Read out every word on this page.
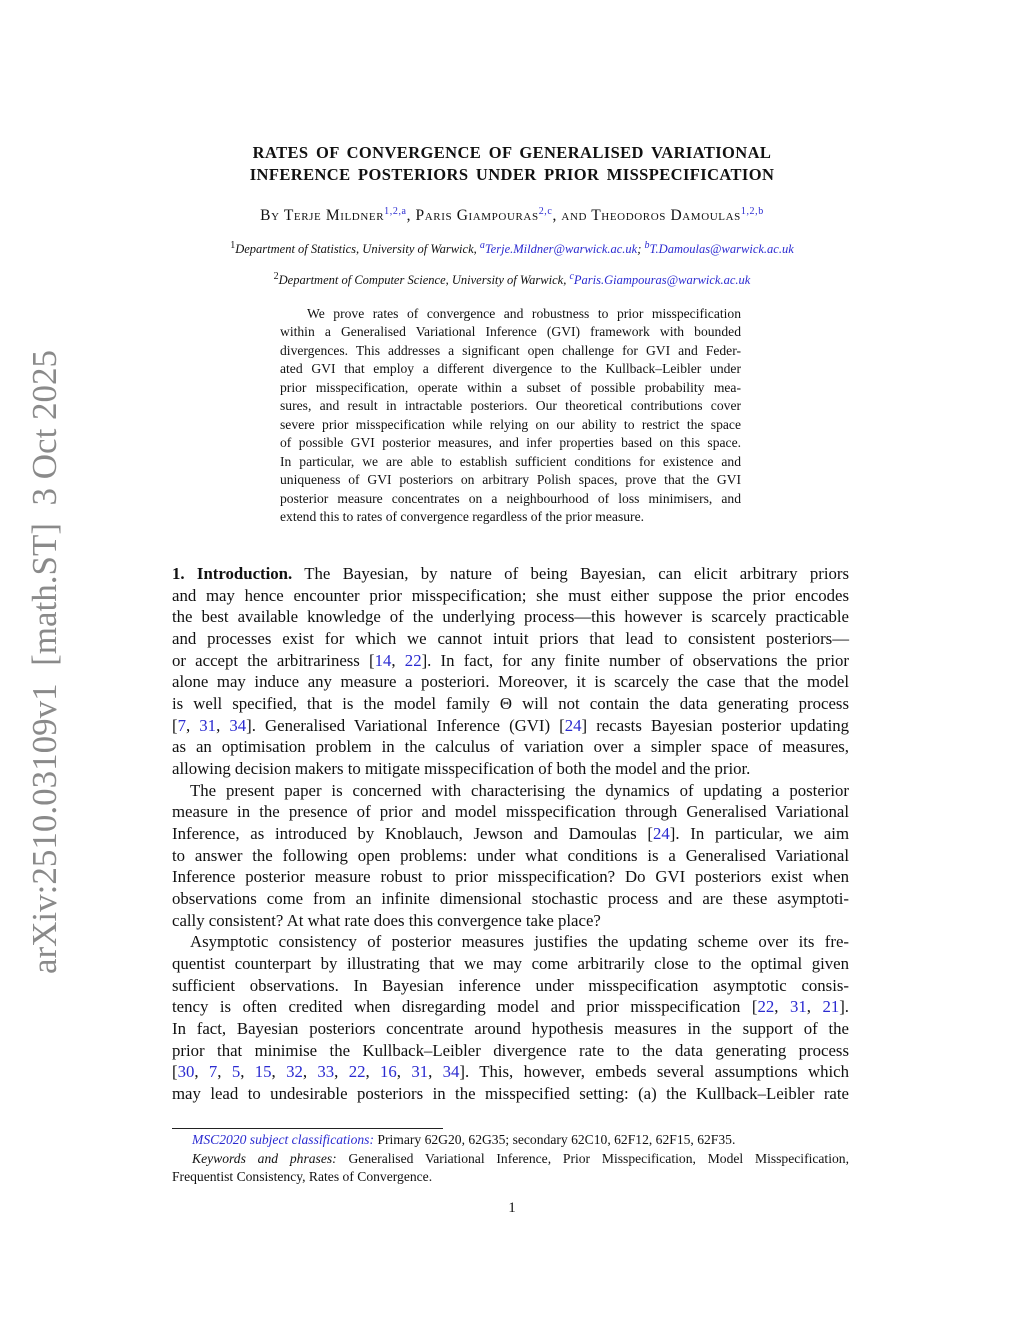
arXiv:2510.03109v1  [math.ST]  3 Oct 2025
RATES OF CONVERGENCE OF GENERALISED VARIATIONAL
INFERENCE POSTERIORS UNDER PRIOR MISSPECIFICATION
By Terje Mildner$^{1,2,a}$, Paris Giampouras$^{2,c}$, and Theodoros Damoulas$^{1,2,b}$
$^1$Department of Statistics, University of Warwick, $^a$Terje.Mildner@warwick.ac.uk; $^b$T.Damoulas@warwick.ac.uk
$^2$Department of Computer Science, University of Warwick, $^c$Paris.Giampouras@warwick.ac.uk
We prove rates of convergence and robustness to prior misspecification
within a Generalised Variational Inference (GVI) framework with bounded
divergences. This addresses a significant open challenge for GVI and Feder-
ated GVI that employ a different divergence to the Kullback–Leibler under
prior misspecification, operate within a subset of possible probability mea-
sures, and result in intractable posteriors. Our theoretical contributions cover
severe prior misspecification while relying on our ability to restrict the space
of possible GVI posterior measures, and infer properties based on this space.
In particular, we are able to establish sufficient conditions for existence and
uniqueness of GVI posteriors on arbitrary Polish spaces, prove that the GVI
posterior measure concentrates on a neighbourhood of loss minimisers, and
extend this to rates of convergence regardless of the prior measure.
1. Introduction. The Bayesian, by nature of being Bayesian, can elicit arbitrary priors
and may hence encounter prior misspecification; she must either suppose the prior encodes
the best available knowledge of the underlying process—this however is scarcely practicable
and processes exist for which we cannot intuit priors that lead to consistent posteriors—
or accept the arbitrariness [14, 22]. In fact, for any finite number of observations the prior
alone may induce any measure a posteriori. Moreover, it is scarcely the case that the model
is well specified, that is the model family Θ will not contain the data generating process
[7, 31, 34]. Generalised Variational Inference (GVI) [24] recasts Bayesian posterior updating
as an optimisation problem in the calculus of variation over a simpler space of measures,
allowing decision makers to mitigate misspecification of both the model and the prior.
The present paper is concerned with characterising the dynamics of updating a posterior
measure in the presence of prior and model misspecification through Generalised Variational
Inference, as introduced by Knoblauch, Jewson and Damoulas [24]. In particular, we aim
to answer the following open problems: under what conditions is a Generalised Variational
Inference posterior measure robust to prior misspecification? Do GVI posteriors exist when
observations come from an infinite dimensional stochastic process and are these asymptoti-
cally consistent? At what rate does this convergence take place?
Asymptotic consistency of posterior measures justifies the updating scheme over its fre-
quentist counterpart by illustrating that we may come arbitrarily close to the optimal given
sufficient observations. In Bayesian inference under misspecification asymptotic consis-
tency is often credited when disregarding model and prior misspecification [22, 31, 21].
In fact, Bayesian posteriors concentrate around hypothesis measures in the support of the
prior that minimise the Kullback–Leibler divergence rate to the data generating process
[30, 7, 5, 15, 32, 33, 22, 16, 31, 34]. This, however, embeds several assumptions which
may lead to undesirable posteriors in the misspecified setting: (a) the Kullback–Leibler rate
MSC2020 subject classifications: Primary 62G20, 62G35; secondary 62C10, 62F12, 62F15, 62F35.
Keywords and phrases: Generalised Variational Inference, Prior Misspecification, Model Misspecification,
Frequentist Consistency, Rates of Convergence.
1
